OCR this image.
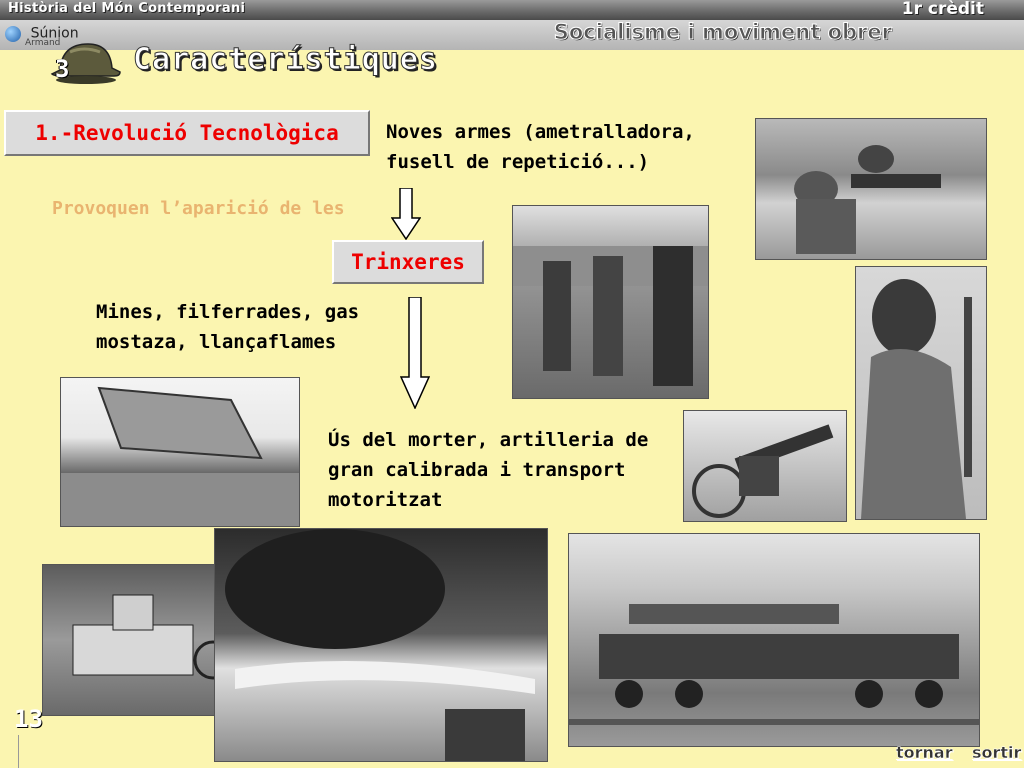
Història del Món Contemporani	1r crèdit
Socialisme i moviment obrer
Súnion
Armand
3 Característiques
1.-Revolució Tecnològica	Noves armes (ametralladora, fusell de repetició...)
Provoquen l’aparició de les
Trinxeres
Mines, filferrades, gas mostaza, llançaflames
Ús del morter, artilleria de gran calibrada i transport motoritzat
13
tornar sortir
